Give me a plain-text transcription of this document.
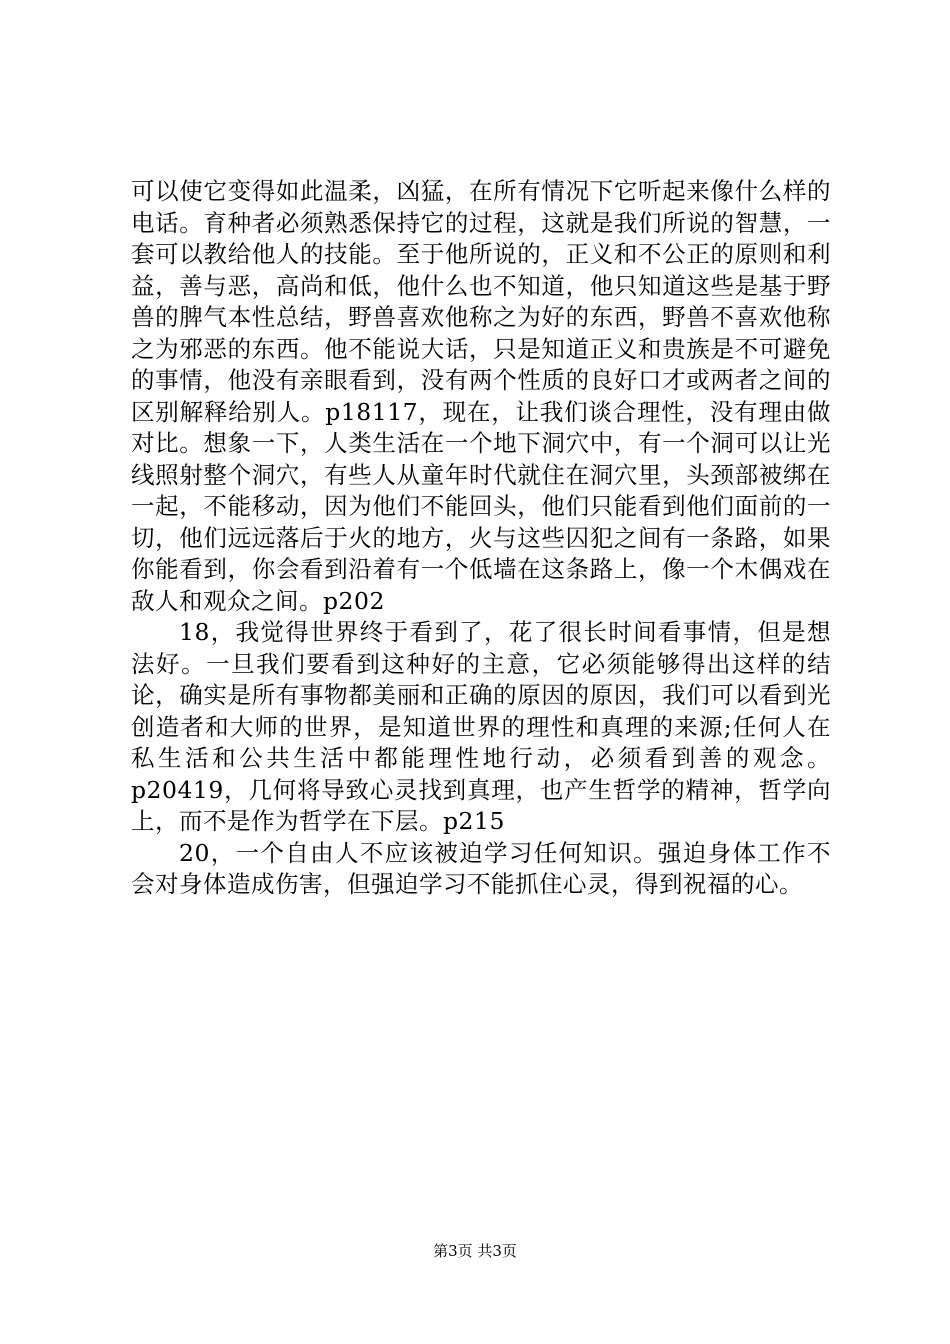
可以使它变得如此温柔，凶猛，在所有情况下它听起来像什么样的电话。育种者必须熟悉保持它的过程，这就是我们所说的智慧，一套可以教给他人的技能。至于他所说的，正义和不公正的原则和利益，善与恶，高尚和低，他什么也不知道，他只知道这些是基于野兽的脾气本性总结，野兽喜欢他称之为好的东西，野兽不喜欢他称之为邪恶的东西。他不能说大话，只是知道正义和贵族是不可避免的事情，他没有亲眼看到，没有两个性质的良好口才或两者之间的区别解释给别人。p18117，现在，让我们谈合理性，没有理由做对比。想象一下，人类生活在一个地下洞穴中，有一个洞可以让光线照射整个洞穴，有些人从童年时代就住在洞穴里，头颈部被绑在一起，不能移动，因为他们不能回头，他们只能看到他们面前的一切，他们远远落后于火的地方，火与这些囚犯之间有一条路，如果你能看到，你会看到沿着有一个低墙在这条路上，像一个木偶戏在敌人和观众之间。p202

18，我觉得世界终于看到了，花了很长时间看事情，但是想法好。一旦我们要看到这种好的主意，它必须能够得出这样的结论，确实是所有事物都美丽和正确的原因的原因，我们可以看到光创造者和大师的世界，是知道世界的理性和真理的来源;任何人在私生活和公共生活中都能理性地行动，必须看到善的观念。p20419，几何将导致心灵找到真理，也产生哲学的精神，哲学向上，而不是作为哲学在下层。p215

20，一个自由人不应该被迫学习任何知识。强迫身体工作不会对身体造成伤害，但强迫学习不能抓住心灵，得到祝福的心。

第3页 共3页
